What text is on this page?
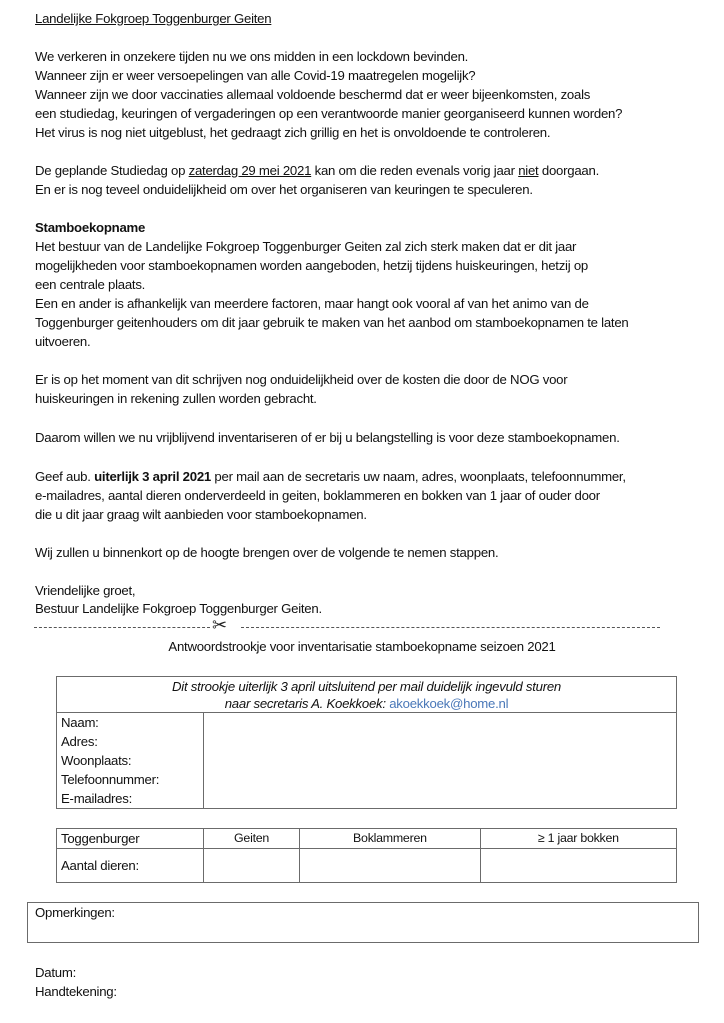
Landelijke Fokgroep Toggenburger Geiten
We verkeren in onzekere tijden nu we ons midden in een lockdown bevinden.
Wanneer zijn er weer versoepelingen van alle Covid-19 maatregelen mogelijk?
Wanneer zijn we door vaccinaties allemaal voldoende beschermd dat er weer bijeenkomsten, zoals
een studiedag, keuringen of vergaderingen op een verantwoorde manier georganiseerd kunnen worden?
Het virus is nog niet uitgeblust, het gedraagt zich grillig en het is onvoldoende te controleren.
De geplande Studiedag op zaterdag 29 mei 2021 kan om die reden evenals vorig jaar niet doorgaan.
En er is nog teveel onduidelijkheid om over het organiseren van keuringen te speculeren.
Stamboekopname
Het bestuur van de Landelijke Fokgroep Toggenburger Geiten zal zich sterk maken dat er dit jaar
mogelijkheden voor stamboekopnamen worden aangeboden, hetzij tijdens huiskeuringen, hetzij op
een centrale plaats.
Een en ander is afhankelijk van meerdere factoren, maar hangt ook vooral af van het animo van de
Toggenburger geitenhouders om dit jaar gebruik te maken van het aanbod om stamboekopnamen te laten
uitvoeren.
Er is op het moment van dit schrijven nog onduidelijkheid over de kosten die door de NOG voor
huiskeuringen in rekening zullen worden gebracht.
Daarom willen we nu vrijblijvend inventariseren of er bij u belangstelling is voor deze stamboekopnamen.
Geef aub. uiterlijk 3 april 2021 per mail aan de secretaris uw naam, adres, woonplaats, telefoonnummer,
e-mailadres, aantal dieren onderverdeeld in geiten, boklammeren en bokken van 1 jaar of ouder door
die u dit jaar graag wilt aanbieden voor stamboekopnamen.
Wij zullen u binnenkort op de hoogte brengen over de volgende te nemen stappen.
Vriendelijke groet,
Bestuur Landelijke Fokgroep Toggenburger Geiten.
✂
Antwoordstrookje voor inventarisatie stamboekopname seizoen 2021
Dit strookje uiterlijk 3 april uitsluitend per mail duidelijk ingevuld sturen
naar secretaris A. Koekkoek: akoekkoek@home.nl

Naam:
Adres:
Woonplaats:
Telefoonnummer:
E-mailadres:

Toggenburger	Geiten	Boklammeren	≥ 1 jaar bokken
Aantal dieren:			
Opmerkingen:
Datum:
Handtekening:
